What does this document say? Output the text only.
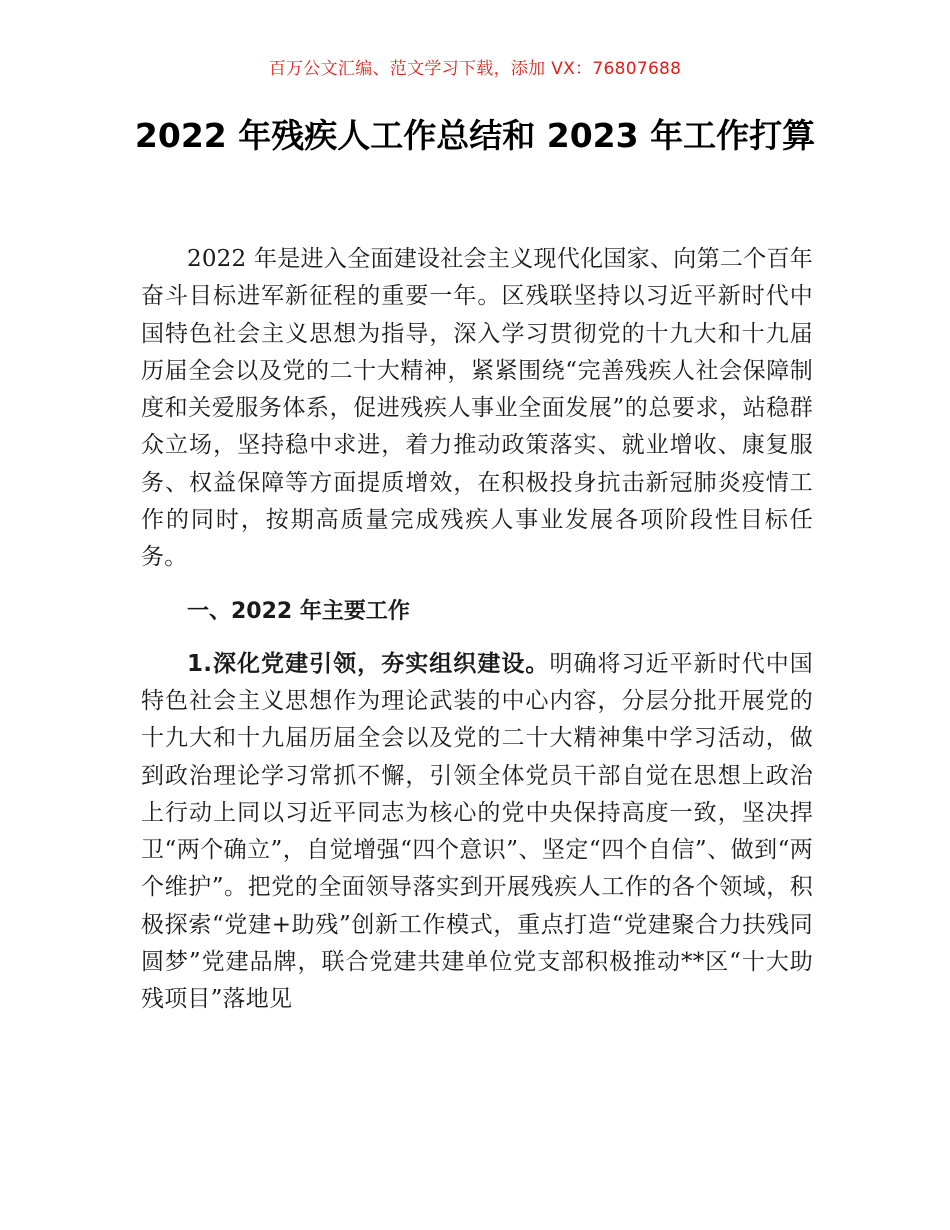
百万公文汇编、范文学习下载，添加 VX：76807688
2022 年残疾人工作总结和 2023 年工作打算

2022 年是进入全面建设社会主义现代化国家、向第二个百年奋斗目标进军新征程的重要一年。区残联坚持以习近平新时代中国特色社会主义思想为指导，深入学习贯彻党的十九大和十九届历届全会以及党的二十大精神，紧紧围绕“完善残疾人社会保障制度和关爱服务体系，促进残疾人事业全面发展”的总要求，站稳群众立场，坚持稳中求进，着力推动政策落实、就业增收、康复服务、权益保障等方面提质增效，在积极投身抗击新冠肺炎疫情工作的同时，按期高质量完成残疾人事业发展各项阶段性目标任务。

一、2022 年主要工作

1.深化党建引领，夯实组织建设。明确将习近平新时代中国特色社会主义思想作为理论武装的中心内容，分层分批开展党的十九大和十九届历届全会以及党的二十大精神集中学习活动，做到政治理论学习常抓不懈，引领全体党员干部自觉在思想上政治上行动上同以习近平同志为核心的党中央保持高度一致，坚决捍卫“两个确立”，自觉增强“四个意识”、坚定“四个自信”、做到“两个维护”。把党的全面领导落实到开展残疾人工作的各个领域，积极探索“党建+助残”创新工作模式，重点打造“党建聚合力扶残同圆梦”党建品牌，联合党建共建单位党支部积极推动**区“十大助残项目”落地见
